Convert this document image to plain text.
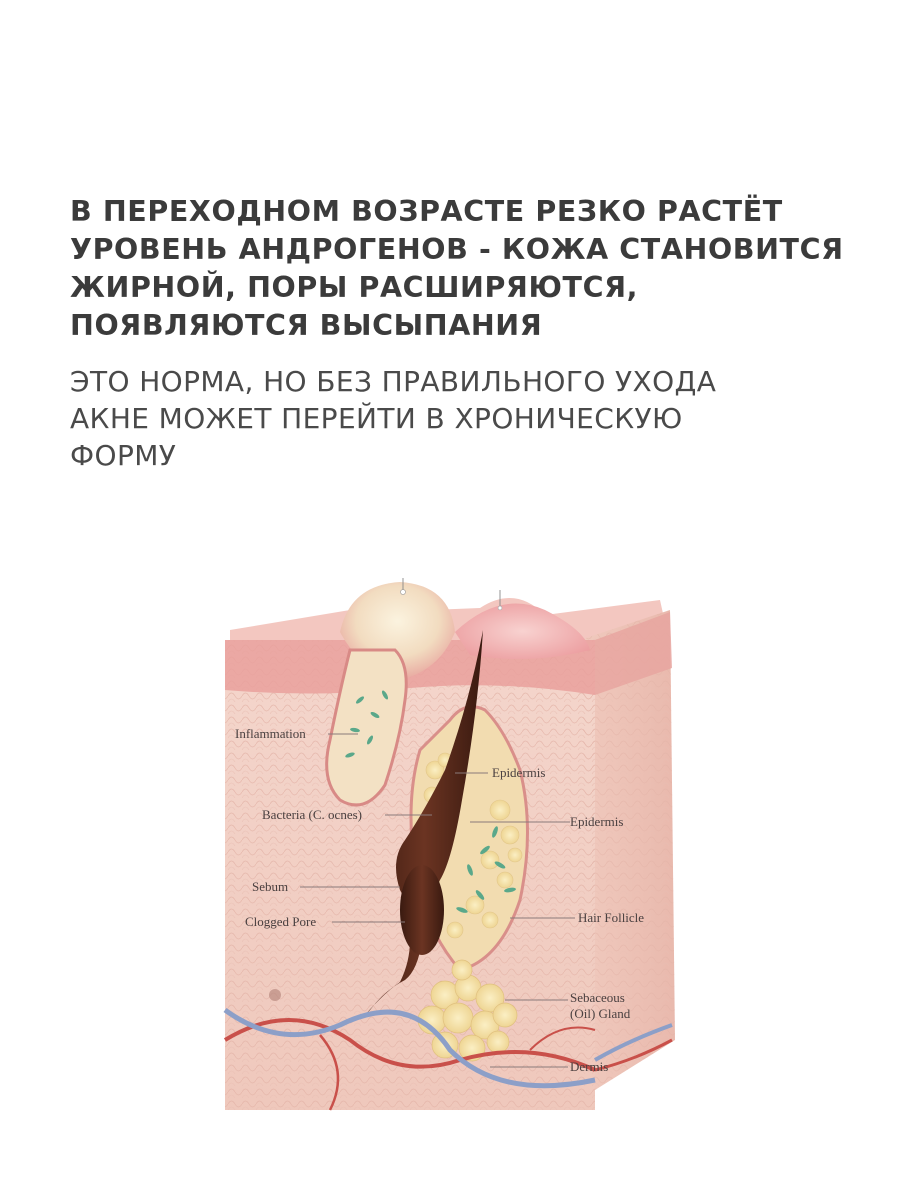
В ПЕРЕХОДНОМ ВОЗРАСТЕ РЕЗКО РАСТЁТ
УРОВЕНЬ АНДРОГЕНОВ - КОЖА СТАНОВИТСЯ
ЖИРНОЙ, ПОРЫ РАСШИРЯЮТСЯ,
ПОЯВЛЯЮТСЯ ВЫСЫПАНИЯ
ЭТО НОРМА, НО БЕЗ ПРАВИЛЬНОГО УХОДА
АКНЕ МОЖЕТ ПЕРЕЙТИ В ХРОНИЧЕСКУЮ
ФОРМУ
Inflammation
Bacteria (C. ocnes)
Sebum
Clogged Pore
Epidermis
Epidermis
Hair Follicle
Sebaceous
(Oil) Gland
Dermis
